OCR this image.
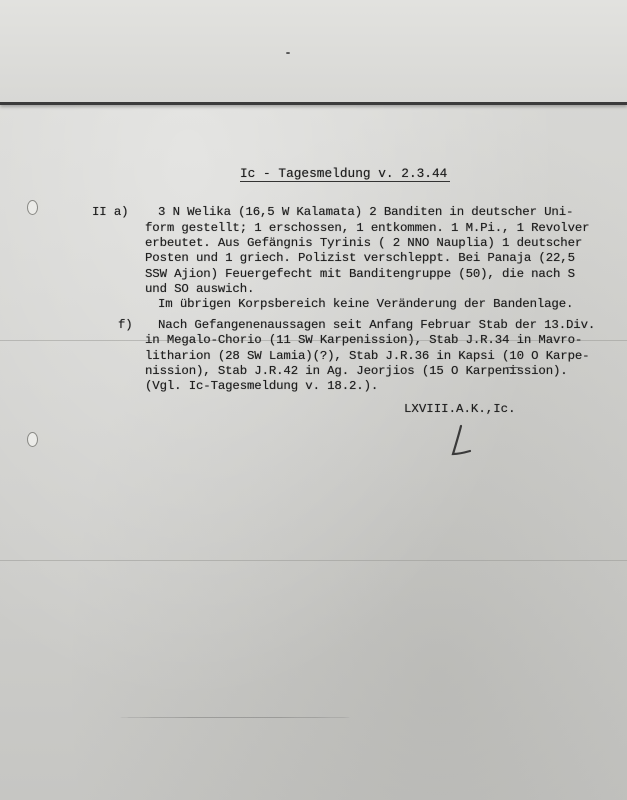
Ic - Tagesmeldung v. 2.3.44

II a) 3 N Welika (16,5 W Kalamata) 2 Banditen in deutscher Uni-

form gestellt; 1 erschossen, 1 entkommen. 1 M.Pi., 1 Revolver

erbeutet. Aus Gefängnis Tyrinis ( 2 NNO Nauplia) 1 deutscher

Posten und 1 griech. Polizist verschleppt. Bei Panaja (22,5

SSW Ajion) Feuergefecht mit Banditengruppe (50), die nach S

und SO auswich.

Im übrigen Korpsbereich keine Veränderung der Bandenlage.

f) Nach Gefangenenaussagen seit Anfang Februar Stab der 13.Div.

in Megalo-Chorio (11 SW Karpenission), Stab J.R.34 in Mavro-

litharion (28 SW Lamia)(?), Stab J.R.36 in Kapsi (10 O Karpe-

nission), Stab J.R.42 in Ag. Jeorjios (15 O Karpenission).

(Vgl. Ic-Tagesmeldung v. 18.2.).

LXVIII.A.K.,Ic.
